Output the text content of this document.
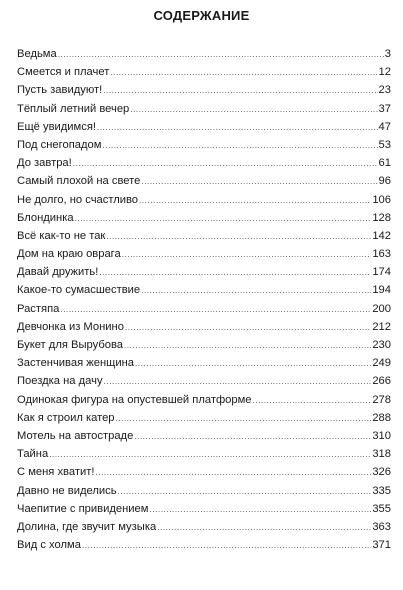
СОДЕРЖАНИЕ
Ведьма .....	3
Смеется и плачет .....	12
Пусть завидуют! .....	23
Тёплый летний вечер .....	37
Ещё увидимся! .....	47
Под снегопадом .....	53
До завтра! .....	61
Самый плохой на свете .....	96
Не долго, но счастливо .....	106
Блондинка .....	128
Всё как-то не так .....	142
Дом на краю оврага .....	163
Давай дружить! .....	174
Какое-то сумасшествие .....	194
Растяпа .....	200
Девчонка из Монино .....	212
Букет для Вырубова .....	230
Застенчивая женщина .....	249
Поездка на дачу .....	266
Одинокая фигура на опустевшей платформе .....	278
Как я строил катер .....	288
Мотель на автостраде .....	310
Тайна .....	318
С меня хватит! .....	326
Давно не виделись .....	335
Чаепитие с привидением .....	355
Долина, где звучит музыка .....	363
Вид с холма .....	371
